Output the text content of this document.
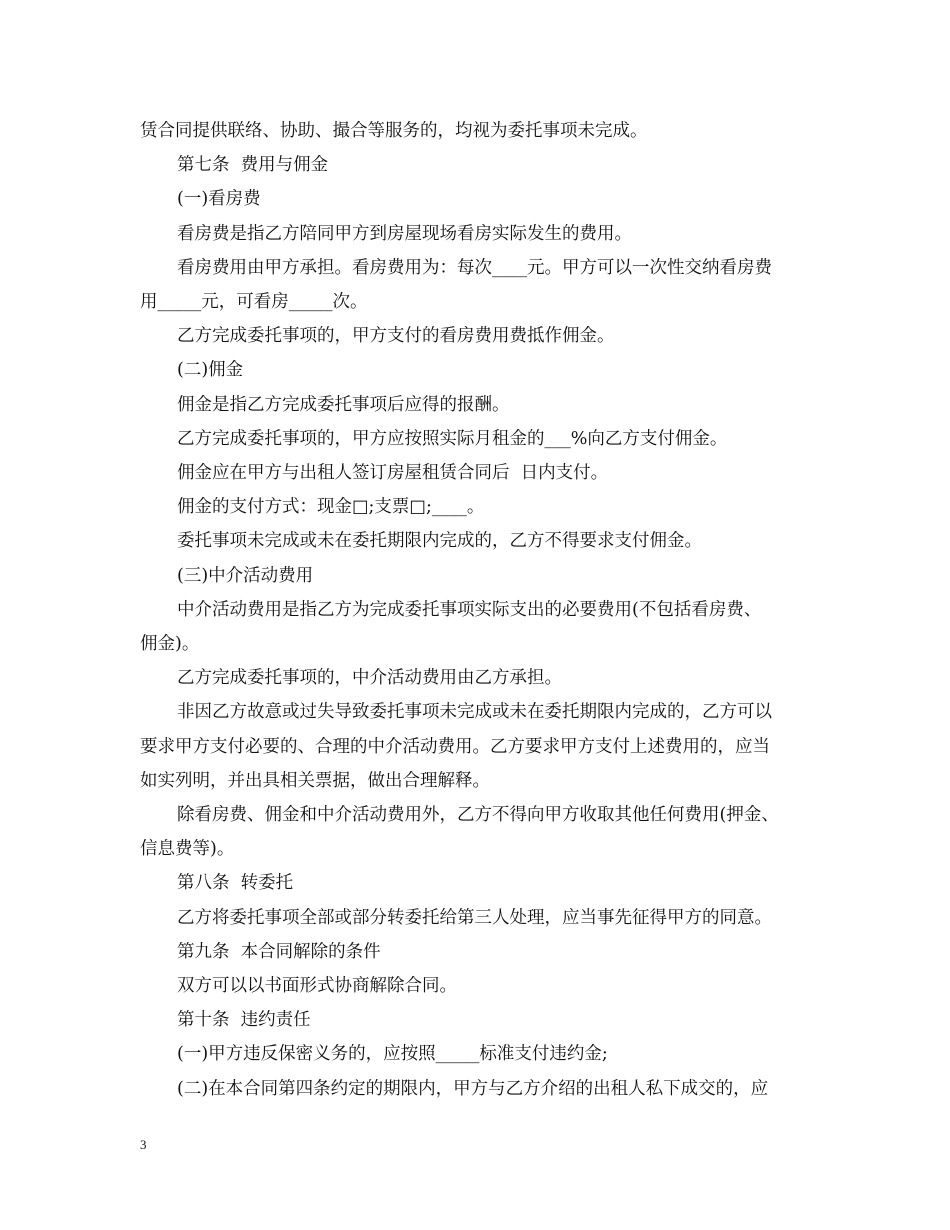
赁合同提供联络、协助、撮合等服务的，均视为委托事项未完成。

第七条  费用与佣金

(一)看房费

看房费是指乙方陪同甲方到房屋现场看房实际发生的费用。

看房费用由甲方承担。看房费用为：每次____元。甲方可以一次性交纳看房费

用_____元，可看房_____次。

乙方完成委托事项的，甲方支付的看房费用费抵作佣金。

(二)佣金

佣金是指乙方完成委托事项后应得的报酬。

乙方完成委托事项的，甲方应按照实际月租金的___%向乙方支付佣金。

佣金应在甲方与出租人签订房屋租赁合同后  日内支付。

佣金的支付方式：现金□;支票□;____。

委托事项未完成或未在委托期限内完成的，乙方不得要求支付佣金。

(三)中介活动费用

中介活动费用是指乙方为完成委托事项实际支出的必要费用(不包括看房费、

佣金)。

乙方完成委托事项的，中介活动费用由乙方承担。

非因乙方故意或过失导致委托事项未完成或未在委托期限内完成的，乙方可以

要求甲方支付必要的、合理的中介活动费用。乙方要求甲方支付上述费用的，应当

如实列明，并出具相关票据，做出合理解释。

除看房费、佣金和中介活动费用外，乙方不得向甲方收取其他任何费用(押金、

信息费等)。

第八条  转委托

乙方将委托事项全部或部分转委托给第三人处理，应当事先征得甲方的同意。

第九条  本合同解除的条件

双方可以以书面形式协商解除合同。

第十条  违约责任

(一)甲方违反保密义务的，应按照_____标准支付违约金;

(二)在本合同第四条约定的期限内，甲方与乙方介绍的出租人私下成交的，应

3
